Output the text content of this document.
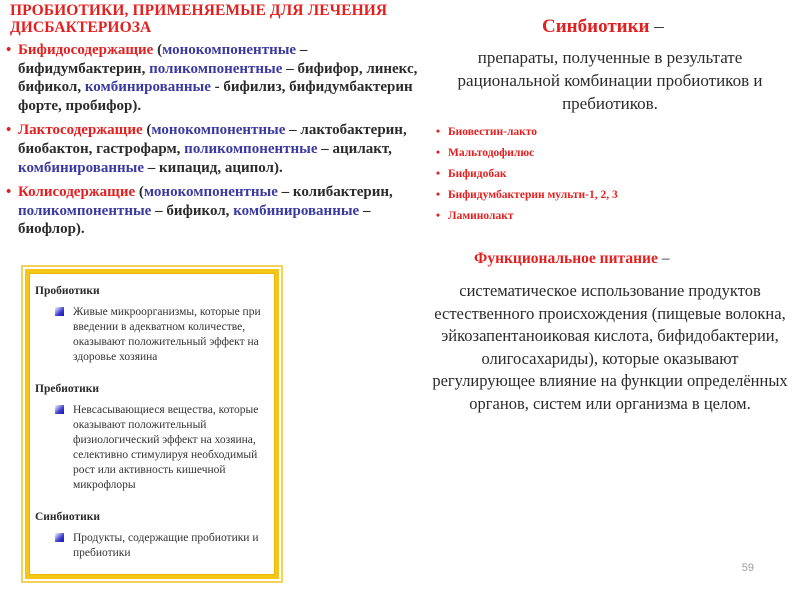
ПРОБИОТИКИ, ПРИМЕНЯЕМЫЕ ДЛЯ ЛЕЧЕНИЯ ДИСБАКТЕРИОЗА
• Бифидосодержащие (монокомпонентные – бифидумбактерин, поликомпонентные – бифифор, линекс, бификол, комбинированные - бифилиз, бифидумбактерин форте, пробифор).
• Лактосодержащие (монокомпонентные – лактобактерин, биобактон, гастрофарм, поликомпонентные – ацилакт, комбинированные – кипацид, аципол).
• Колисодержащие (монокомпонентные – колибактерин, поликомпонентные – бификол, комбинированные – биофлор).
Пробиотики
Живые микроорганизмы, которые при введении в адекватном количестве, оказывают положительный эффект на здоровье хозяина
Пребиотики
Невсасывающиеся вещества, которые оказывают положительный физиологический эффект на хозяина, селективно стимулируя необходимый рост или активность кишечной микрофлоры
Синбиотики
Продукты, содержащие пробиотики и пребиотики
Синбиотики –
препараты, полученные в результате рациональной комбинации пробиотиков и пребиотиков.
• Биовестин-лакто
• Мальтодофилюс
• Бифидобак
• Бифидумбактерин мульти-1, 2, 3
• Ламинолакт
Функциональное питание –
систематическое использование продуктов естественного происхождения (пищевые волокна, эйкозапентаноиковая кислота, бифидобактерии, олигосахариды), которые оказывают регулирующее влияние на функции определённых органов, систем или организма в целом.
59
